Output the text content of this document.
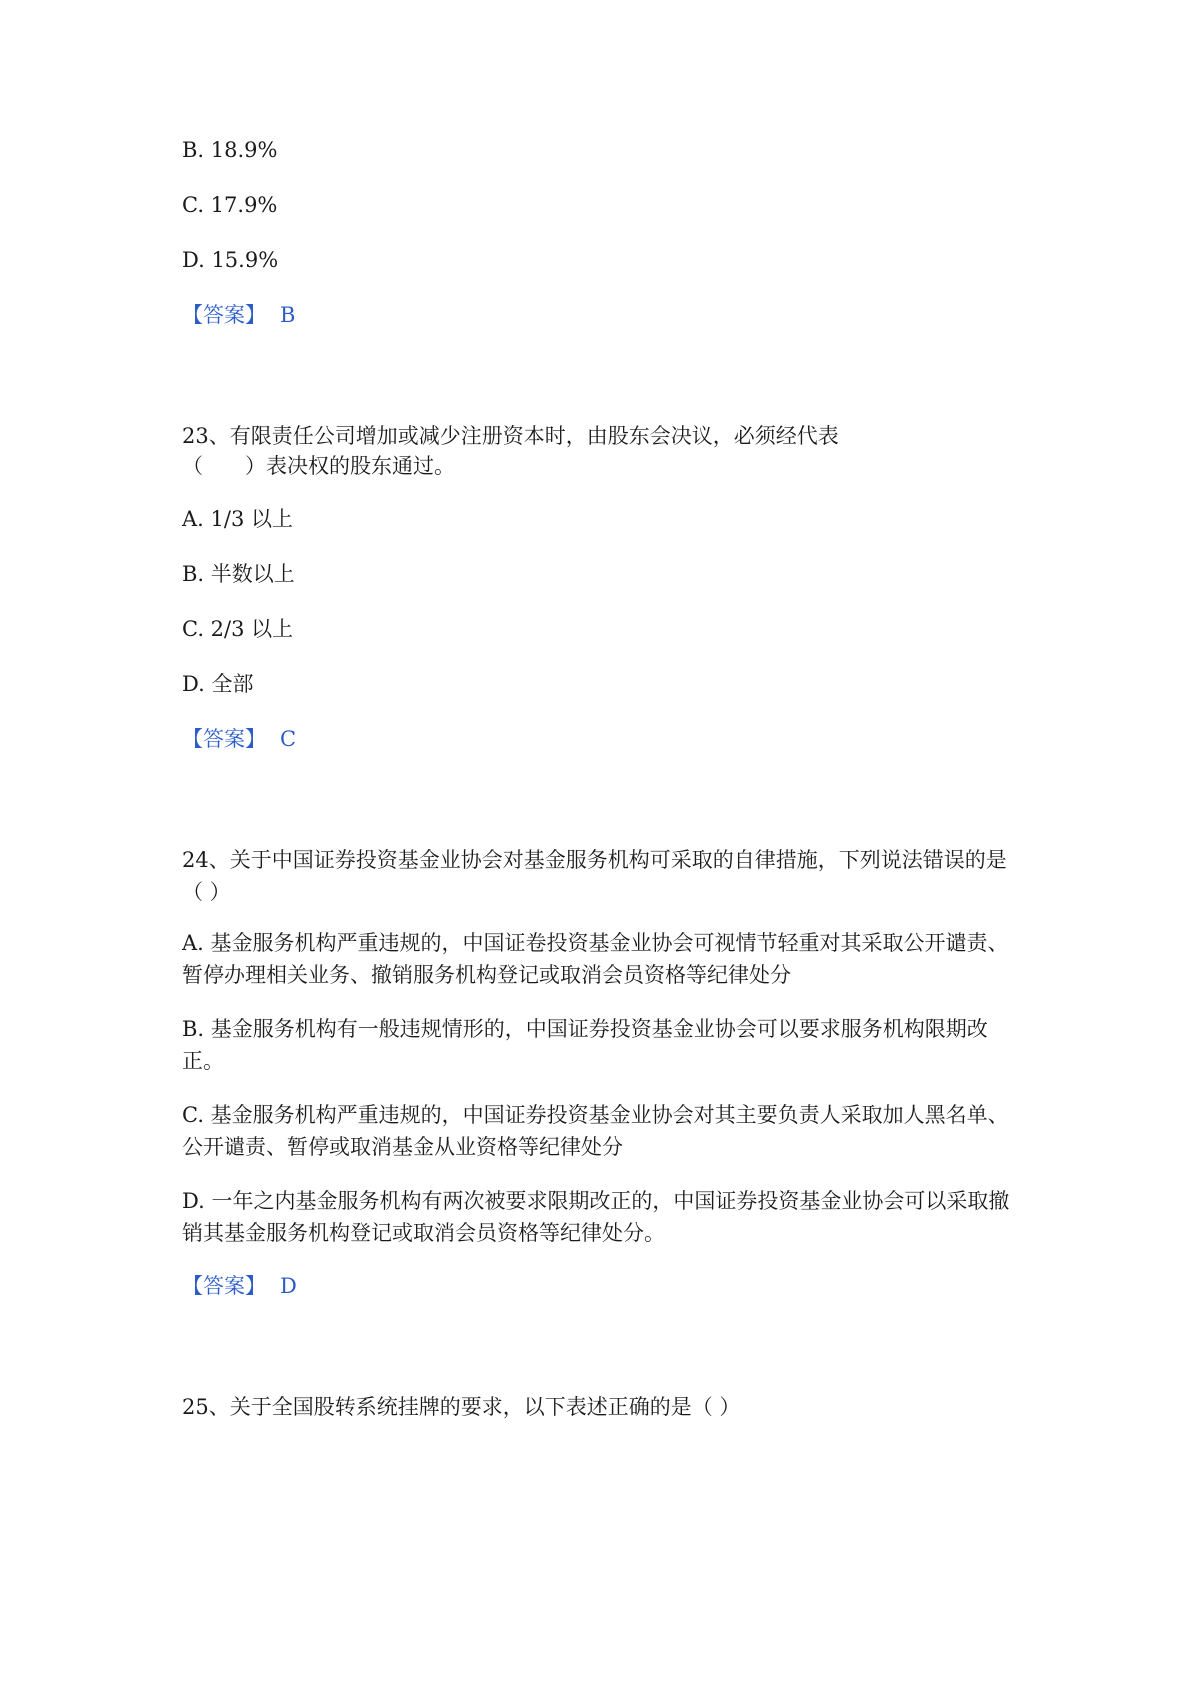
B. 18.9%

C. 17.9%

D. 15.9%

【答案】 B

23、有限责任公司增加或减少注册资本时，由股东会决议，必须经代表

（　　）表决权的股东通过。

A. 1/3 以上

B. 半数以上

C. 2/3 以上

D. 全部

【答案】 C

24、关于中国证券投资基金业协会对基金服务机构可采取的自律措施，下列说法错误的是（ ）

A. 基金服务机构严重违规的，中国证卷投资基金业协会可视情节轻重对其采取公开谴责、暂停办理相关业务、撤销服务机构登记或取消会员资格等纪律处分

B. 基金服务机构有一般违规情形的，中国证券投资基金业协会可以要求服务机构限期改正。

C. 基金服务机构严重违规的，中国证券投资基金业协会对其主要负责人采取加人黑名单、公开谴责、暂停或取消基金从业资格等纪律处分

D. 一年之内基金服务机构有两次被要求限期改正的，中国证券投资基金业协会可以采取撤销其基金服务机构登记或取消会员资格等纪律处分。

【答案】 D

25、关于全国股转系统挂牌的要求，以下表述正确的是（ ）
